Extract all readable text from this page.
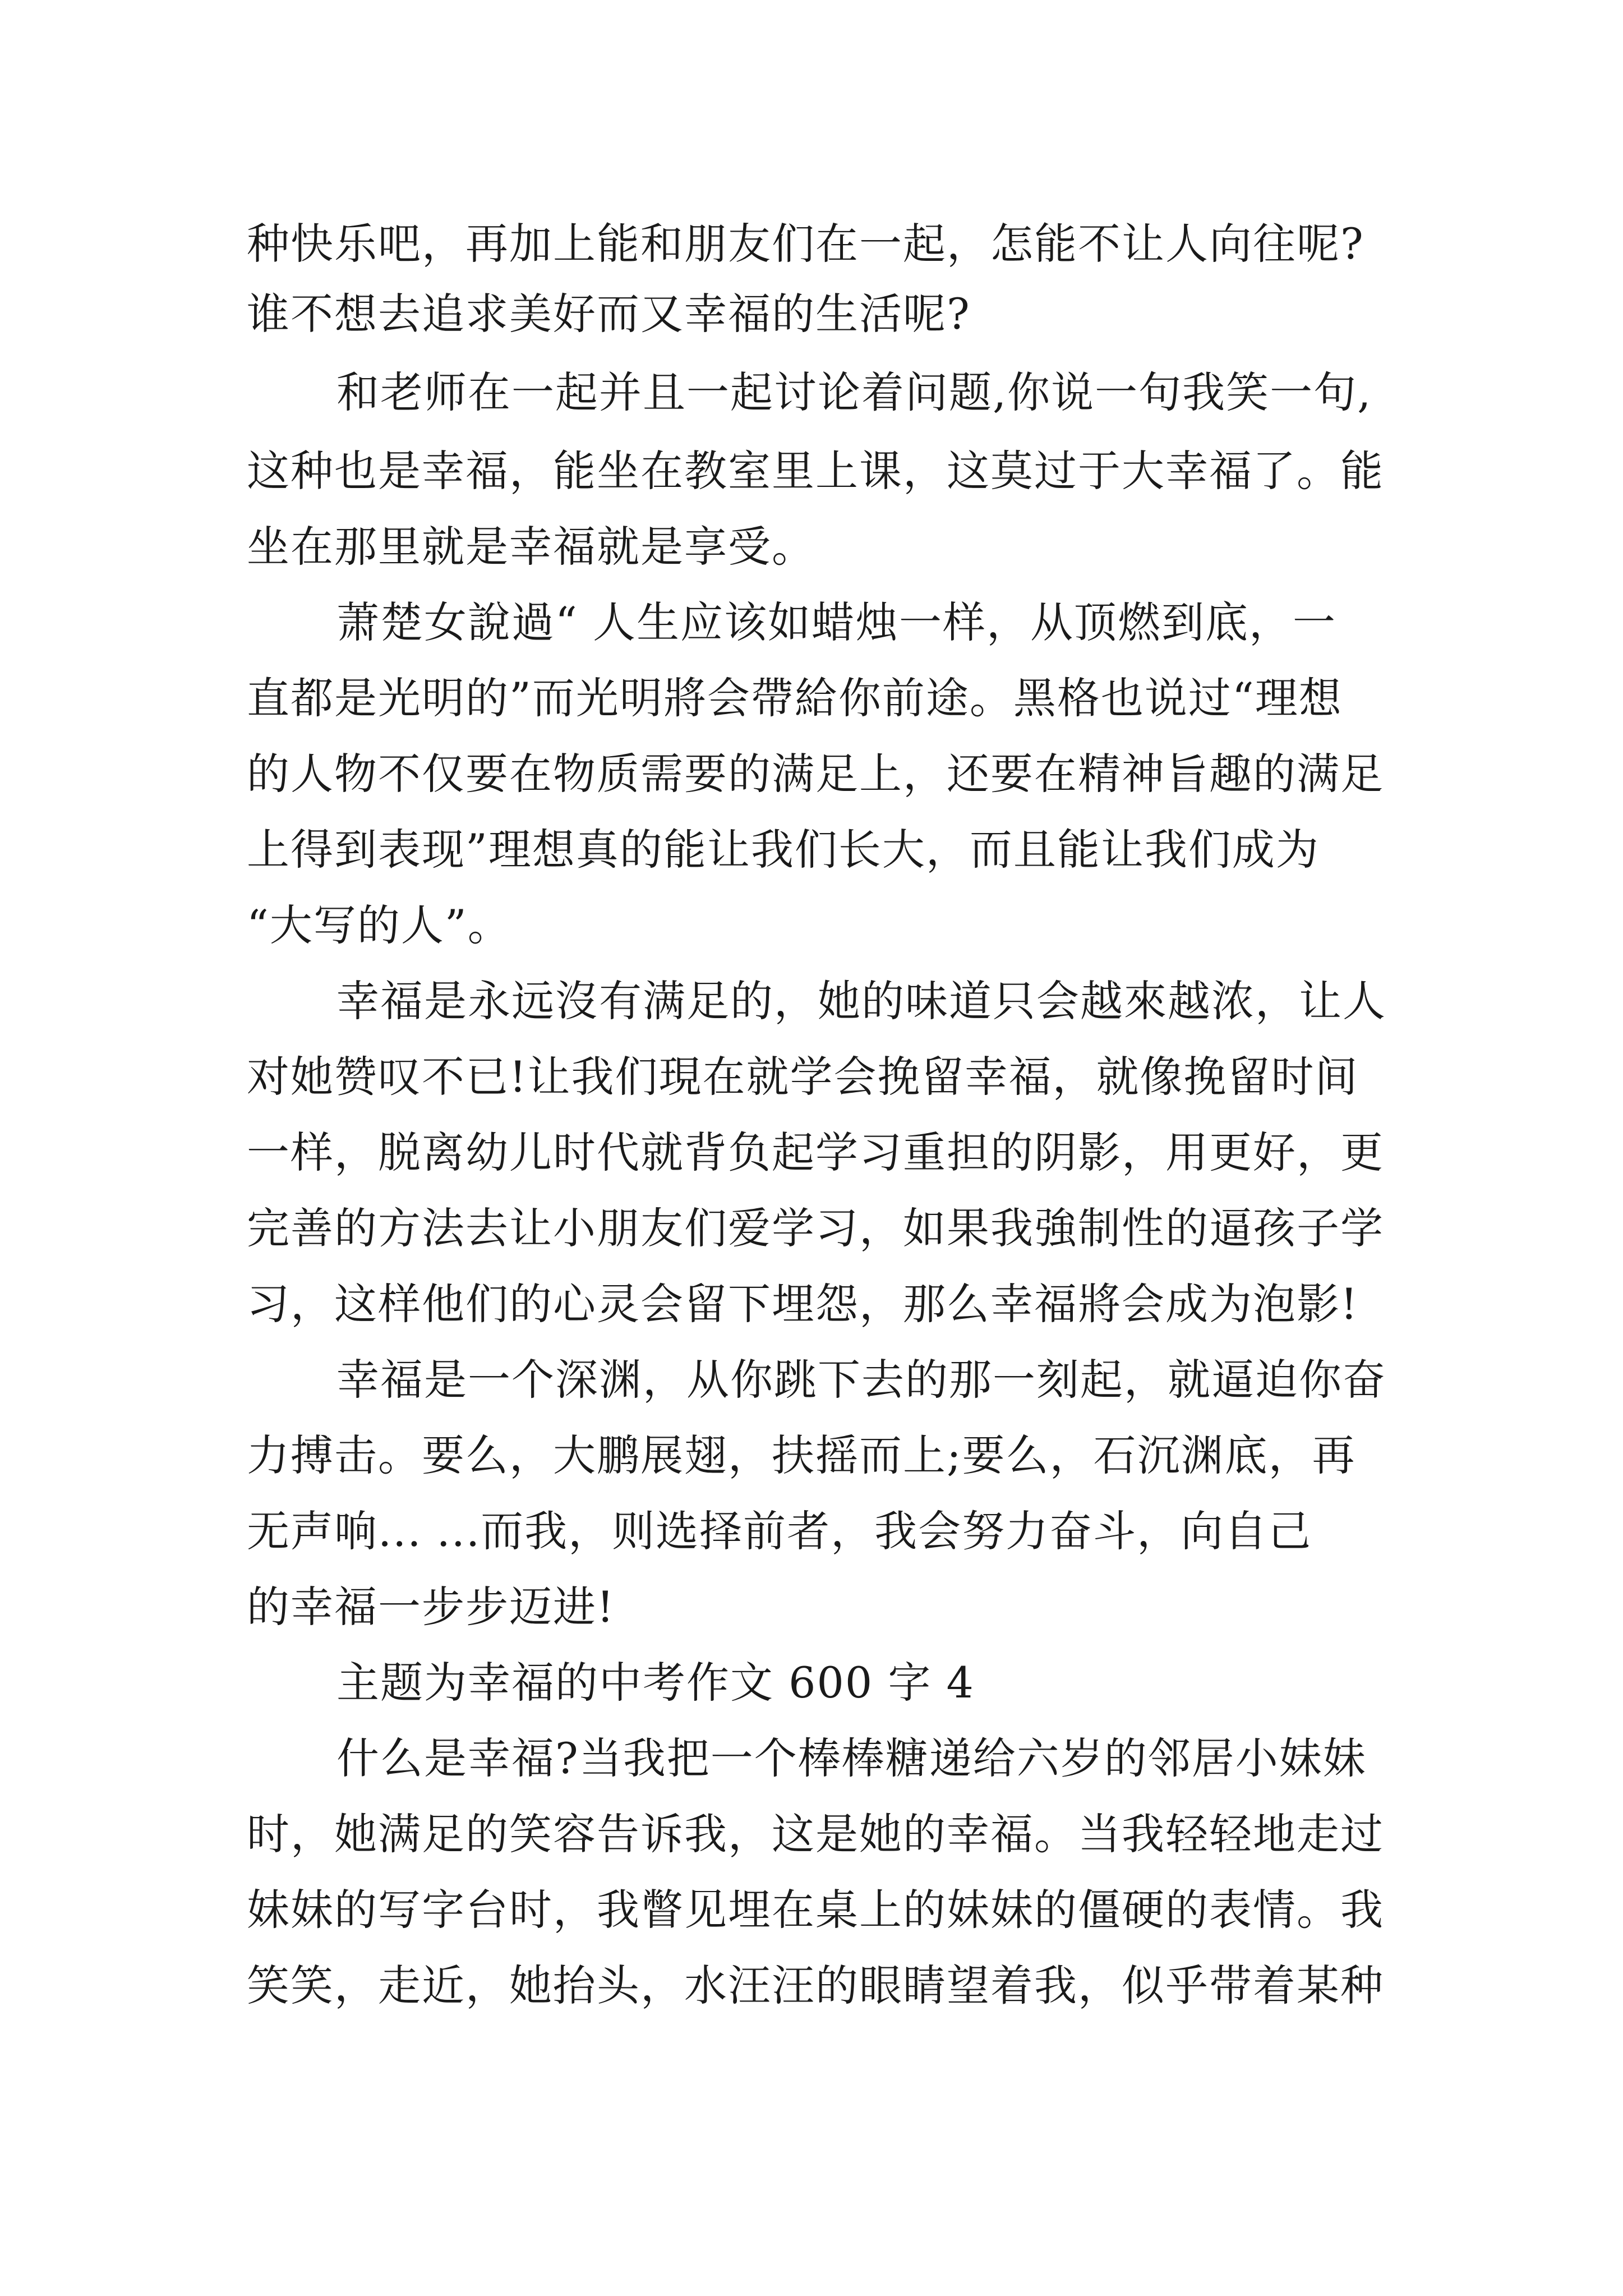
种快乐吧，再加上能和朋友们在一起，怎能不让人向往呢?
谁不想去追求美好而又幸福的生活呢?
和老师在一起并且一起讨论着问题,你说一句我笑一句,
这种也是幸福，能坐在教室里上课，这莫过于大幸福了。能
坐在那里就是幸福就是享受。
萧楚女說過“ 人生应该如蜡烛一样，从顶燃到底，一
直都是光明的”而光明將会帶給你前途。黑格也说过“理想
的人物不仅要在物质需要的满足上，还要在精神旨趣的满足
上得到表现”理想真的能让我们长大，而且能让我们成为
“大写的人”。
幸福是永远沒有满足的，她的味道只会越來越浓，让人
对她赞叹不已!让我们現在就学会挽留幸福，就像挽留时间
一样，脱离幼儿时代就背负起学习重担的阴影，用更好，更
完善的方法去让小朋友们爱学习，如果我強制性的逼孩子学
习，这样他们的心灵会留下埋怨，那么幸福將会成为泡影!
幸福是一个深渊，从你跳下去的那一刻起，就逼迫你奋
力搏击。要么，大鹏展翅，扶摇而上;要么，石沉渊底，再
无声响... ...而我，则选择前者，我会努力奋斗，向自己
的幸福一步步迈进!
主题为幸福的中考作文 600 字 4
什么是幸福?当我把一个棒棒糖递给六岁的邻居小妹妹
时，她满足的笑容告诉我，这是她的幸福。当我轻轻地走过
妹妹的写字台时，我瞥见埋在桌上的妹妹的僵硬的表情。我
笑笑，走近，她抬头，水汪汪的眼睛望着我，似乎带着某种
